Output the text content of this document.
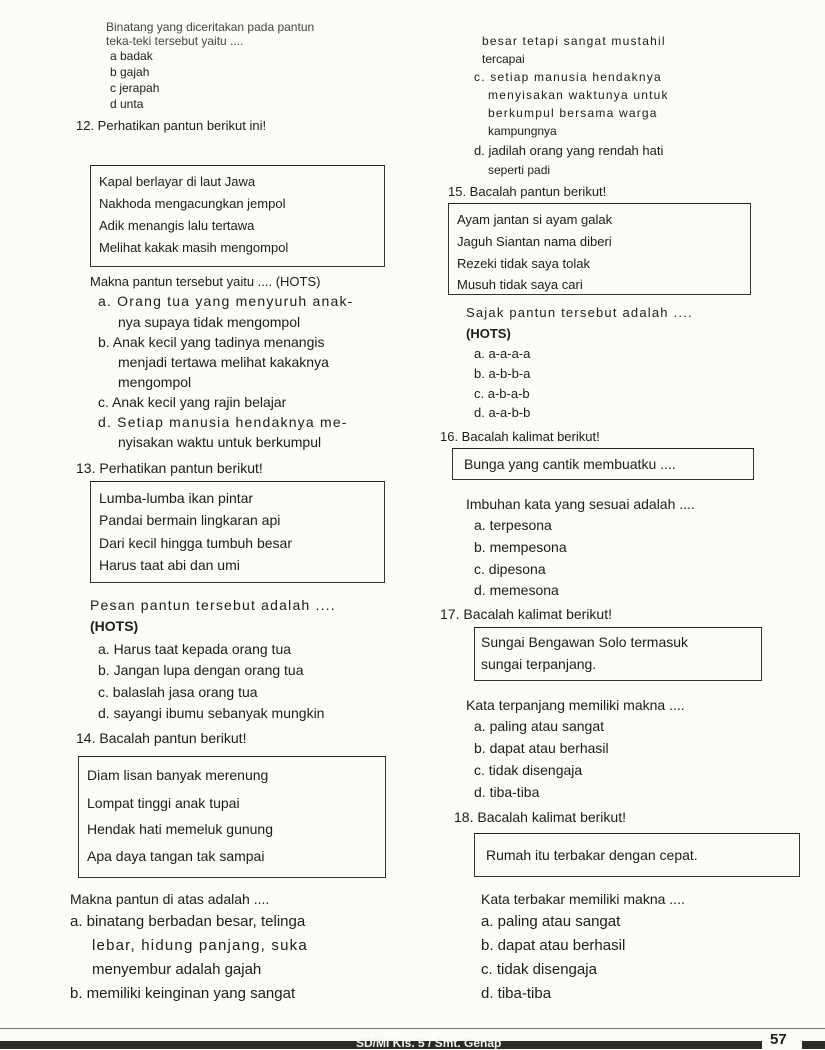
Binatang yang diceritakan pada pantun
teka-teki tersebut yaitu ....
a badak
b gajah
c jerapah
d unta
12. Perhatikan pantun berikut ini!
Kapal berlayar di laut Jawa
Nakhoda mengacungkan jempol
Adik menangis lalu tertawa
Melihat kakak masih mengompol
Makna pantun tersebut yaitu .... (HOTS)
a. Orang tua yang menyuruh anak-
nya supaya tidak mengompol
b. Anak kecil yang tadinya menangis
menjadi tertawa melihat kakaknya
mengompol
c. Anak kecil yang rajin belajar
d. Setiap manusia hendaknya me-
nyisakan waktu untuk berkumpul
13. Perhatikan pantun berikut!
Lumba-lumba ikan pintar
Pandai bermain lingkaran api
Dari kecil hingga tumbuh besar
Harus taat abi dan umi
Pesan pantun tersebut adalah ....
(HOTS)
a. Harus taat kepada orang tua
b. Jangan lupa dengan orang tua
c. balaslah jasa orang tua
d. sayangi ibumu sebanyak mungkin
14. Bacalah pantun berikut!
Diam lisan banyak merenung
Lompat tinggi anak tupai
Hendak hati memeluk gunung
Apa daya tangan tak sampai
Makna pantun di atas adalah ....
a. binatang berbadan besar, telinga
lebar, hidung panjang, suka
menyembur adalah gajah
b. memiliki keinginan yang sangat
besar tetapi sangat mustahil
tercapai
c. setiap manusia hendaknya
menyisakan waktunya untuk
berkumpul bersama warga
kampungnya
d. jadilah orang yang rendah hati
seperti padi
15. Bacalah pantun berikut!
Ayam jantan si ayam galak
Jaguh Siantan nama diberi
Rezeki tidak saya tolak
Musuh tidak saya cari
Sajak pantun tersebut adalah ....
(HOTS)
a. a-a-a-a
b. a-b-b-a
c. a-b-a-b
d. a-a-b-b
16. Bacalah kalimat berikut!
Bunga yang cantik membuatku ....
Imbuhan kata yang sesuai adalah ....
a. terpesona
b. mempesona
c. dipesona
d. memesona
17. Bacalah kalimat berikut!
Sungai Bengawan Solo termasuk
sungai terpanjang.
Kata terpanjang memiliki makna ....
a. paling atau sangat
b. dapat atau berhasil
c. tidak disengaja
d. tiba-tiba
18. Bacalah kalimat berikut!
Rumah itu terbakar dengan cepat.
Kata terbakar memiliki makna ....
a. paling atau sangat
b. dapat atau berhasil
c. tidak disengaja
d. tiba-tiba
SD/MI Kls. 5 / Smt. Genap	57
